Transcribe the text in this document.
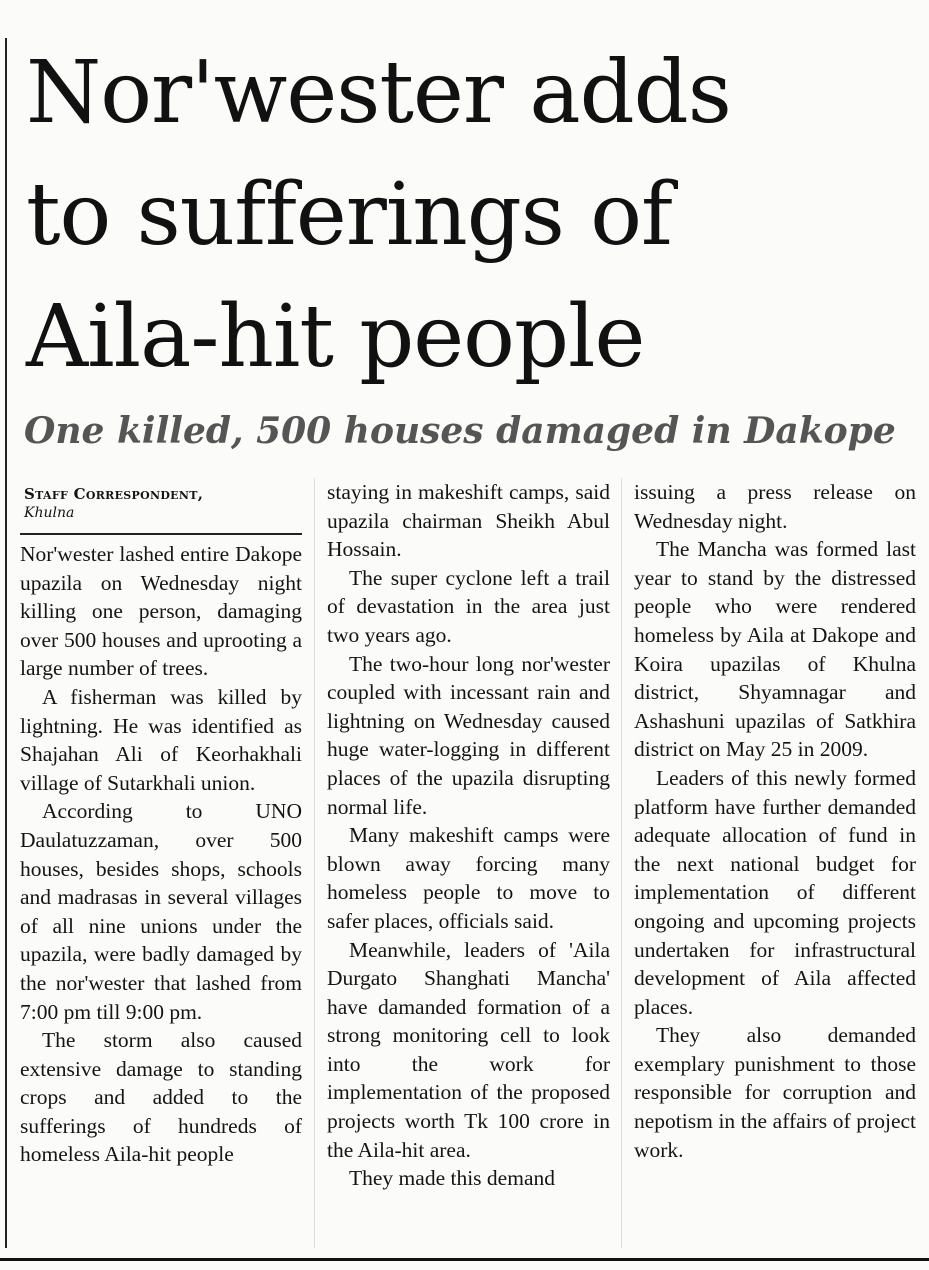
Nor'wester adds
to sufferings of
Aila-hit people
One killed, 500 houses damaged in Dakope
Staff Correspondent,
Khulna

Nor'wester lashed entire Dakope upazila on Wednesday night killing one person, damaging over 500 houses and uprooting a large number of trees.

A fisherman was killed by lightning. He was identified as Shajahan Ali of Keorhakhali village of Sutarkhali union.

According to UNO Daulatuzzaman, over 500 houses, besides shops, schools and madrasas in several villages of all nine unions under the upazila, were badly damaged by the nor'wester that lashed from 7:00 pm till 9:00 pm.

The storm also caused extensive damage to standing crops and added to the sufferings of hundreds of homeless Aila-hit people

staying in makeshift camps, said upazila chairman Sheikh Abul Hossain.

The super cyclone left a trail of devastation in the area just two years ago.

The two-hour long nor'wester coupled with incessant rain and lightning on Wednesday caused huge water-logging in different places of the upazila disrupting normal life.

Many makeshift camps were blown away forcing many homeless people to move to safer places, officials said.

Meanwhile, leaders of 'Aila Durgato Shanghati Mancha' have damanded formation of a strong monitoring cell to look into the work for implementation of the proposed projects worth Tk 100 crore in the Aila-hit area.

They made this demand

issuing a press release on Wednesday night.

The Mancha was formed last year to stand by the distressed people who were rendered homeless by Aila at Dakope and Koira upazilas of Khulna district, Shyamnagar and Ashashuni upazilas of Satkhira district on May 25 in 2009.

Leaders of this newly formed platform have further demanded adequate allocation of fund in the next national budget for implementation of different ongoing and upcoming projects undertaken for infrastructural development of Aila affected places.

They also demanded exemplary punishment to those responsible for corruption and nepotism in the affairs of project work.
